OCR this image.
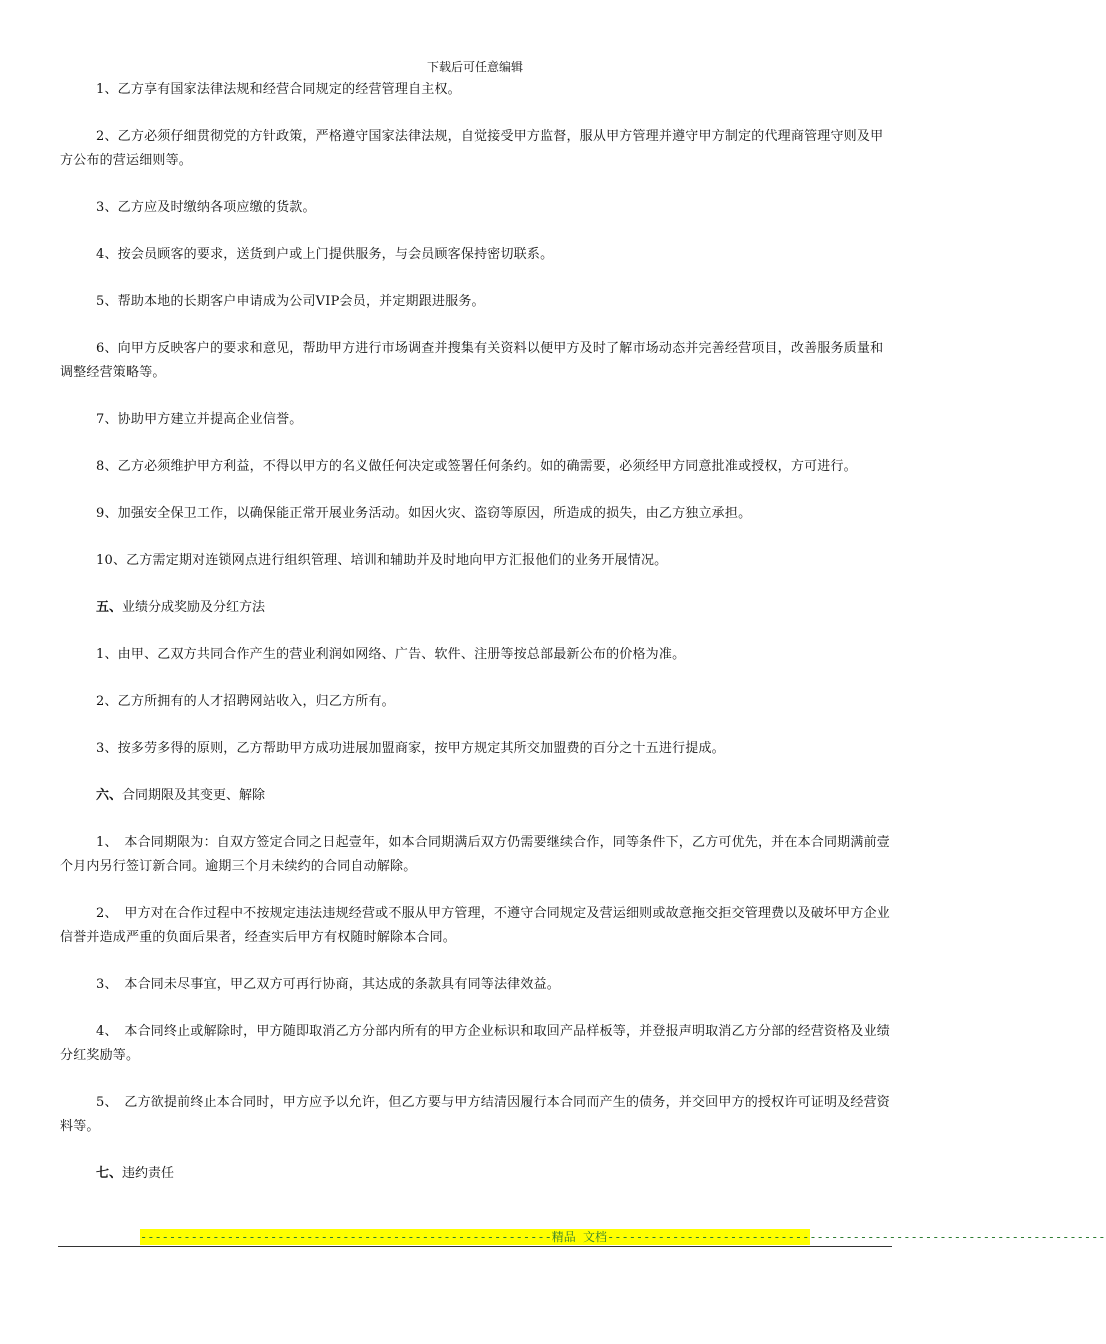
下载后可任意编辑

1、乙方享有国家法律法规和经营合同规定的经营管理自主权。

2、乙方必须仔细贯彻党的方针政策，严格遵守国家法律法规，自觉接受甲方监督，服从甲方管理并遵守甲方制定的代理商管理守则及甲方公布的营运细则等。

3、乙方应及时缴纳各项应缴的货款。

4、按会员顾客的要求，送货到户或上门提供服务，与会员顾客保持密切联系。

5、帮助本地的长期客户申请成为公司VIP会员，并定期跟进服务。

6、向甲方反映客户的要求和意见，帮助甲方进行市场调查并搜集有关资料以便甲方及时了解市场动态并完善经营项目，改善服务质量和调整经营策略等。

7、协助甲方建立并提高企业信誉。

8、乙方必须维护甲方利益，不得以甲方的名义做任何决定或签署任何条约。如的确需要，必须经甲方同意批准或授权，方可进行。

9、加强安全保卫工作，以确保能正常开展业务活动。如因火灾、盗窃等原因，所造成的损失，由乙方独立承担。

10、乙方需定期对连锁网点进行组织管理、培训和辅助并及时地向甲方汇报他们的业务开展情况。

五、业绩分成奖励及分红方法

1、由甲、乙双方共同合作产生的营业利润如网络、广告、软件、注册等按总部最新公布的价格为准。

2、乙方所拥有的人才招聘网站收入，归乙方所有。

3、按多劳多得的原则，乙方帮助甲方成功进展加盟商家，按甲方规定其所交加盟费的百分之十五进行提成。

六、合同期限及其变更、解除

1、　本合同期限为：自双方签定合同之日起壹年，如本合同期满后双方仍需要继续合作，同等条件下，乙方可优先，并在本合同期满前壹个月内另行签订新合同。逾期三个月未续约的合同自动解除。

2、　甲方对在合作过程中不按规定违法违规经营或不服从甲方管理，不遵守合同规定及营运细则或故意拖交拒交管理费以及破坏甲方企业信誉并造成严重的负面后果者，经查实后甲方有权随时解除本合同。

3、　本合同未尽事宜，甲乙双方可再行协商，其达成的条款具有同等法律效益。

4、　本合同终止或解除时，甲方随即取消乙方分部内所有的甲方企业标识和取回产品样板等，并登报声明取消乙方分部的经营资格及业绩分红奖励等。

5、　乙方欲提前终止本合同时，甲方应予以允许，但乙方要与甲方结清因履行本合同而产生的债务，并交回甲方的授权许可证明及经营资料等。

七、违约责任

---------------------------------------------------------精品 文档---------------------------------------------------------------------
